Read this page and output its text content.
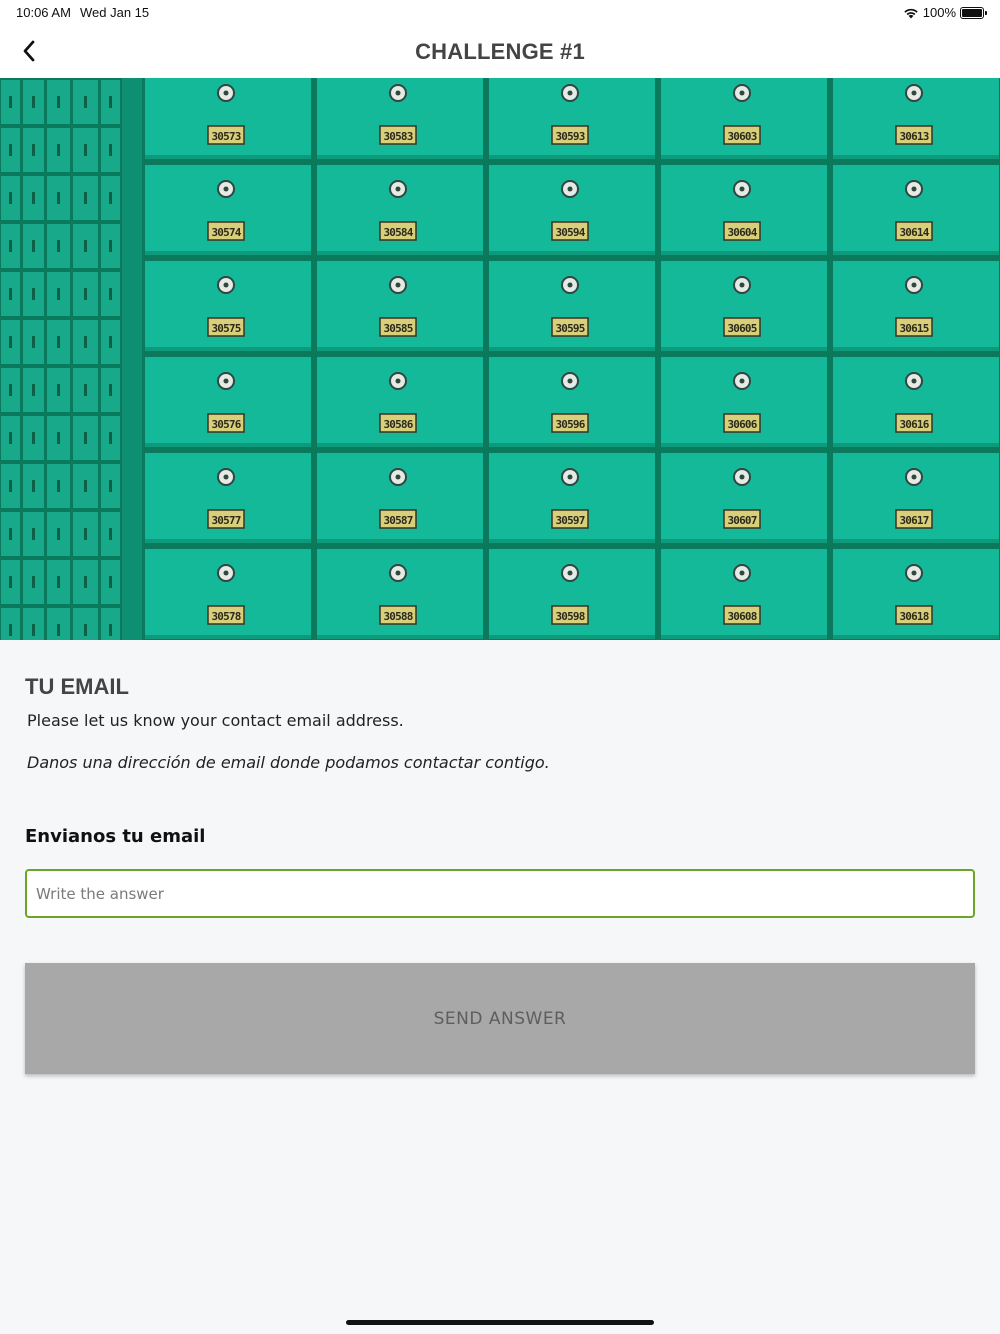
10:06 AM Wed Jan 15	100%
CHALLENGE #1
30573	30583	30593	30603	30613
30574	30584	30594	30604	30614
30575	30585	30595	30605	30615
30576	30586	30596	30606	30616
30577	30587	30597	30607	30617
30578	30588	30598	30608	30618
TU EMAIL
Please let us know your contact email address.
Danos una dirección de email donde podamos contactar contigo.
Envianos tu email
Write the answer
SEND ANSWER
